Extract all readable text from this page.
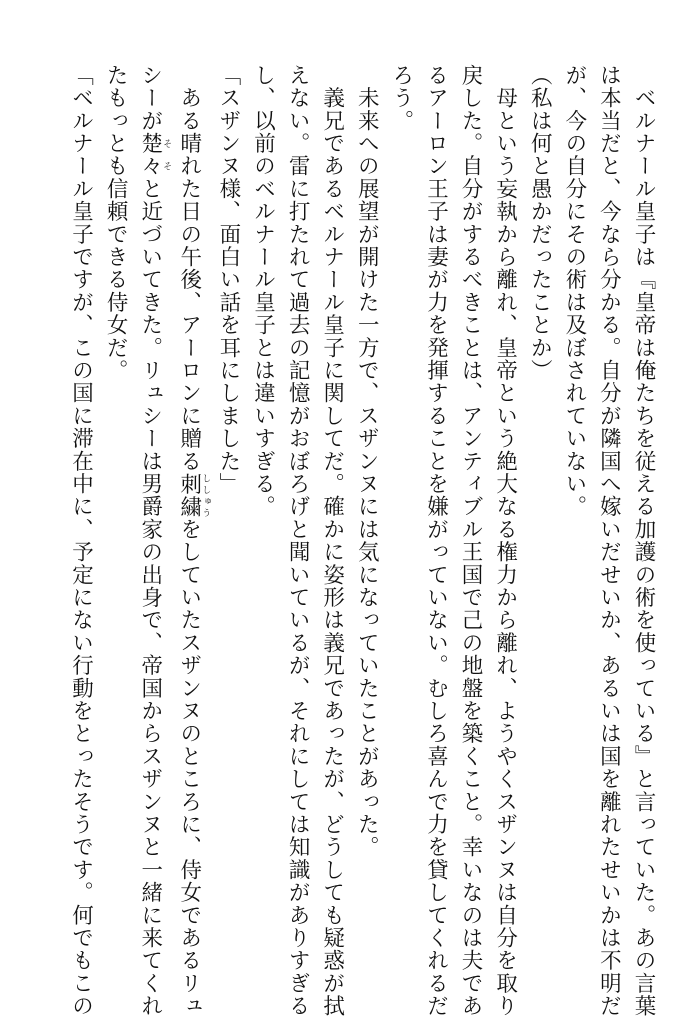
　ベルナール皇子は『皇帝は俺たちを従える加護の術を使っている』と言っていた。あの言葉
は本当だと、今なら分かる。自分が隣国へ嫁いだせいか、あるいは国を離れたせいかは不明だ
が、今の自分にその術は及ぼされていない。
（私は何と愚かだったことか）
　母という妄執から離れ、皇帝という絶大なる権力から離れ、ようやくスザンヌは自分を取り
戻した。自分がするべきことは、アンティブル王国で己の地盤を築くこと。幸いなのは夫であ
るアーロン王子は妻が力を発揮することを嫌がっていない。むしろ喜んで力を貸してくれるだ
ろう。
　未来への展望が開けた一方で、スザンヌには気になっていたことがあった。
　義兄であるベルナール皇子に関してだ。確かに姿形は義兄であったが、どうしても疑惑が拭
えない。雷に打たれて過去の記憶がおぼろげと聞いているが、それにしては知識がありすぎる
し、以前のベルナール皇子とは違いすぎる。
「スザンヌ様、面白い話を耳にしました」
　ある晴れた日の午後、アーロンに贈る刺繍ししゅうをしていたスザンヌのところに、侍女であるリュ
シーが楚々そそと近づいてきた。リュシーは男爵家の出身で、帝国からスザンヌと一緒に来てくれ
たもっとも信頼できる侍女だ。
「ベルナール皇子ですが、この国に滞在中に、予定にない行動をとったそうです。何でもこの
